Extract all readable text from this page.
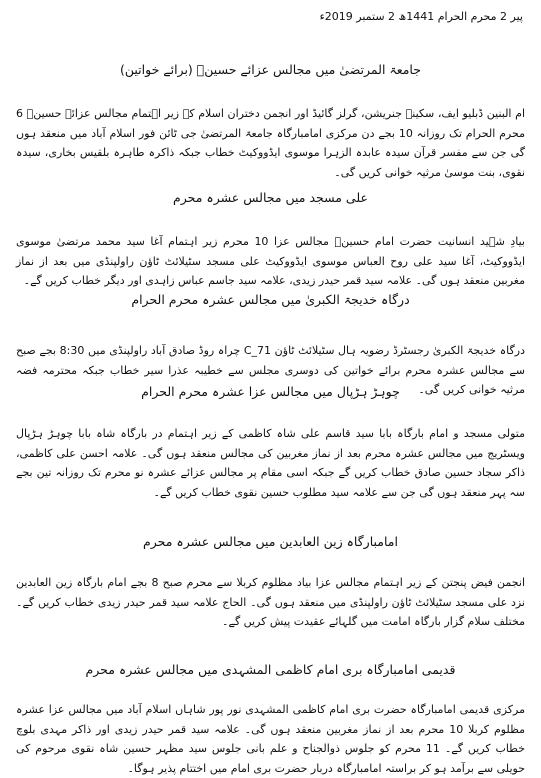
پیر 2 محرم الحرام 1441ھ 2 ستمبر 2019ء
جامعۃ المرتضیٰ میں مجالس عزائے حسینؑ (برائے خواتین)
ام البنین ڈبلیو ایف، سکینہ جنریشن، گرلز گائیڈ اور انجمن دختران اسلام کے زیر اہتمام مجالس عزائے حسینؑ 6 محرم الحرام تک روزانہ 10 بجے دن مرکزی امامبارگاہ جامعۃ المرتضیٰ جی ٹائن فور اسلام آباد میں منعقد ہوں گی جن سے مفسر قرآن سیدہ عابدہ الزہرا موسوی ایڈووکیٹ خطاب جبکہ ذاکرہ طاہرہ بلقیس بخاری، سیدہ نقوی، بنت موسیٰ مرثیہ خوانی کریں گی۔
علی مسجد میں مجالس عشرہ محرم
بیادِ شہید انسانیت حضرت امام حسینؑ مجالس عزا 10 محرم زیر اہتمام آغا سید محمد مرتضیٰ موسوی ایڈووکیٹ، آغا سید علی روح العباس موسوی ایڈووکیٹ علی مسجد سٹیلائٹ ٹاؤن راولپنڈی میں بعد از نماز مغربین منعقد ہوں گی۔ علامہ سید قمر حیدر زیدی، علامہ سید جاسم عباس زاہدی اور دیگر خطاب کریں گے۔
درگاہ خدیجۃ الکبریٰ میں مجالس عشرہ محرم الحرام
درگاہ خدیجۃ الکبریٰ رجسٹرڈ رضویہ ہال سٹیلائٹ ٹاؤن C_71 چراہ روڈ صادق آباد راولپنڈی میں 8:30 بجے صبح سے مجالس عشرہ محرم برائے خواتین کی دوسری مجلس سے خطیبہ عذرا سیر خطاب جبکہ محترمہ فضہ مرثیہ خوانی کریں گی۔
چوہڑ ہڑپال میں مجالس عزا عشرہ محرم الحرام
متولی مسجد و امام بارگاہ بابا سید قاسم علی شاہ کاظمی کے زیر اہتمام در بارگاہ شاہ بابا چوہڑ ہڑپال ویسٹریج میں مجالس عشرہ محرم بعد از نماز مغربین کی مجالس منعقد ہوں گی۔ علامہ احسن علی کاظمی، ذاکر سجاد حسین صادق خطاب کریں گے جبکہ اسی مقام پر مجالس عزائے عشرہ نو محرم تک روزانہ تین بجے سہ پہر منعقد ہوں گی جن سے علامہ سید مطلوب حسین نقوی خطاب کریں گے۔
امامبارگاہ زین العابدین میں مجالس عشرہ محرم
انجمن فیض پنجتن کے زیر اہتمام مجالس عزا بیاد مظلوم کربلا سے محرم صبح 8 بجے امام بارگاہ زین العابدین نزد علی مسجد سٹیلائٹ ٹاؤن راولپنڈی میں منعقد ہوں گی۔ الحاج علامہ سید قمر حیدر زیدی خطاب کریں گے۔ مختلف سلام گزار بارگاہ امامت میں گلہائے عقیدت پیش کریں گے۔
قدیمی امامبارگاہ بری امام کاظمی المشہدی میں مجالس عشرہ محرم
مرکزی قدیمی امامبارگاہ حضرت بری امام کاظمی المشہدی نور پور شاہاں اسلام آباد میں مجالس عزا عشرہ مظلوم کربلا 10 محرم بعد از نماز مغربین منعقد ہوں گی۔ علامہ سید قمر حیدر زیدی اور ذاکر مہدی بلوچ خطاب کریں گے۔ 11 محرم کو جلوس ذوالجناح و علم بانی جلوس سید مظہر حسین شاہ نقوی مرحوم کی حویلی سے برآمد ہو کر براستہ امامبارگاہ دربار حضرت بری امام میں اختتام پذیر ہوگا۔
